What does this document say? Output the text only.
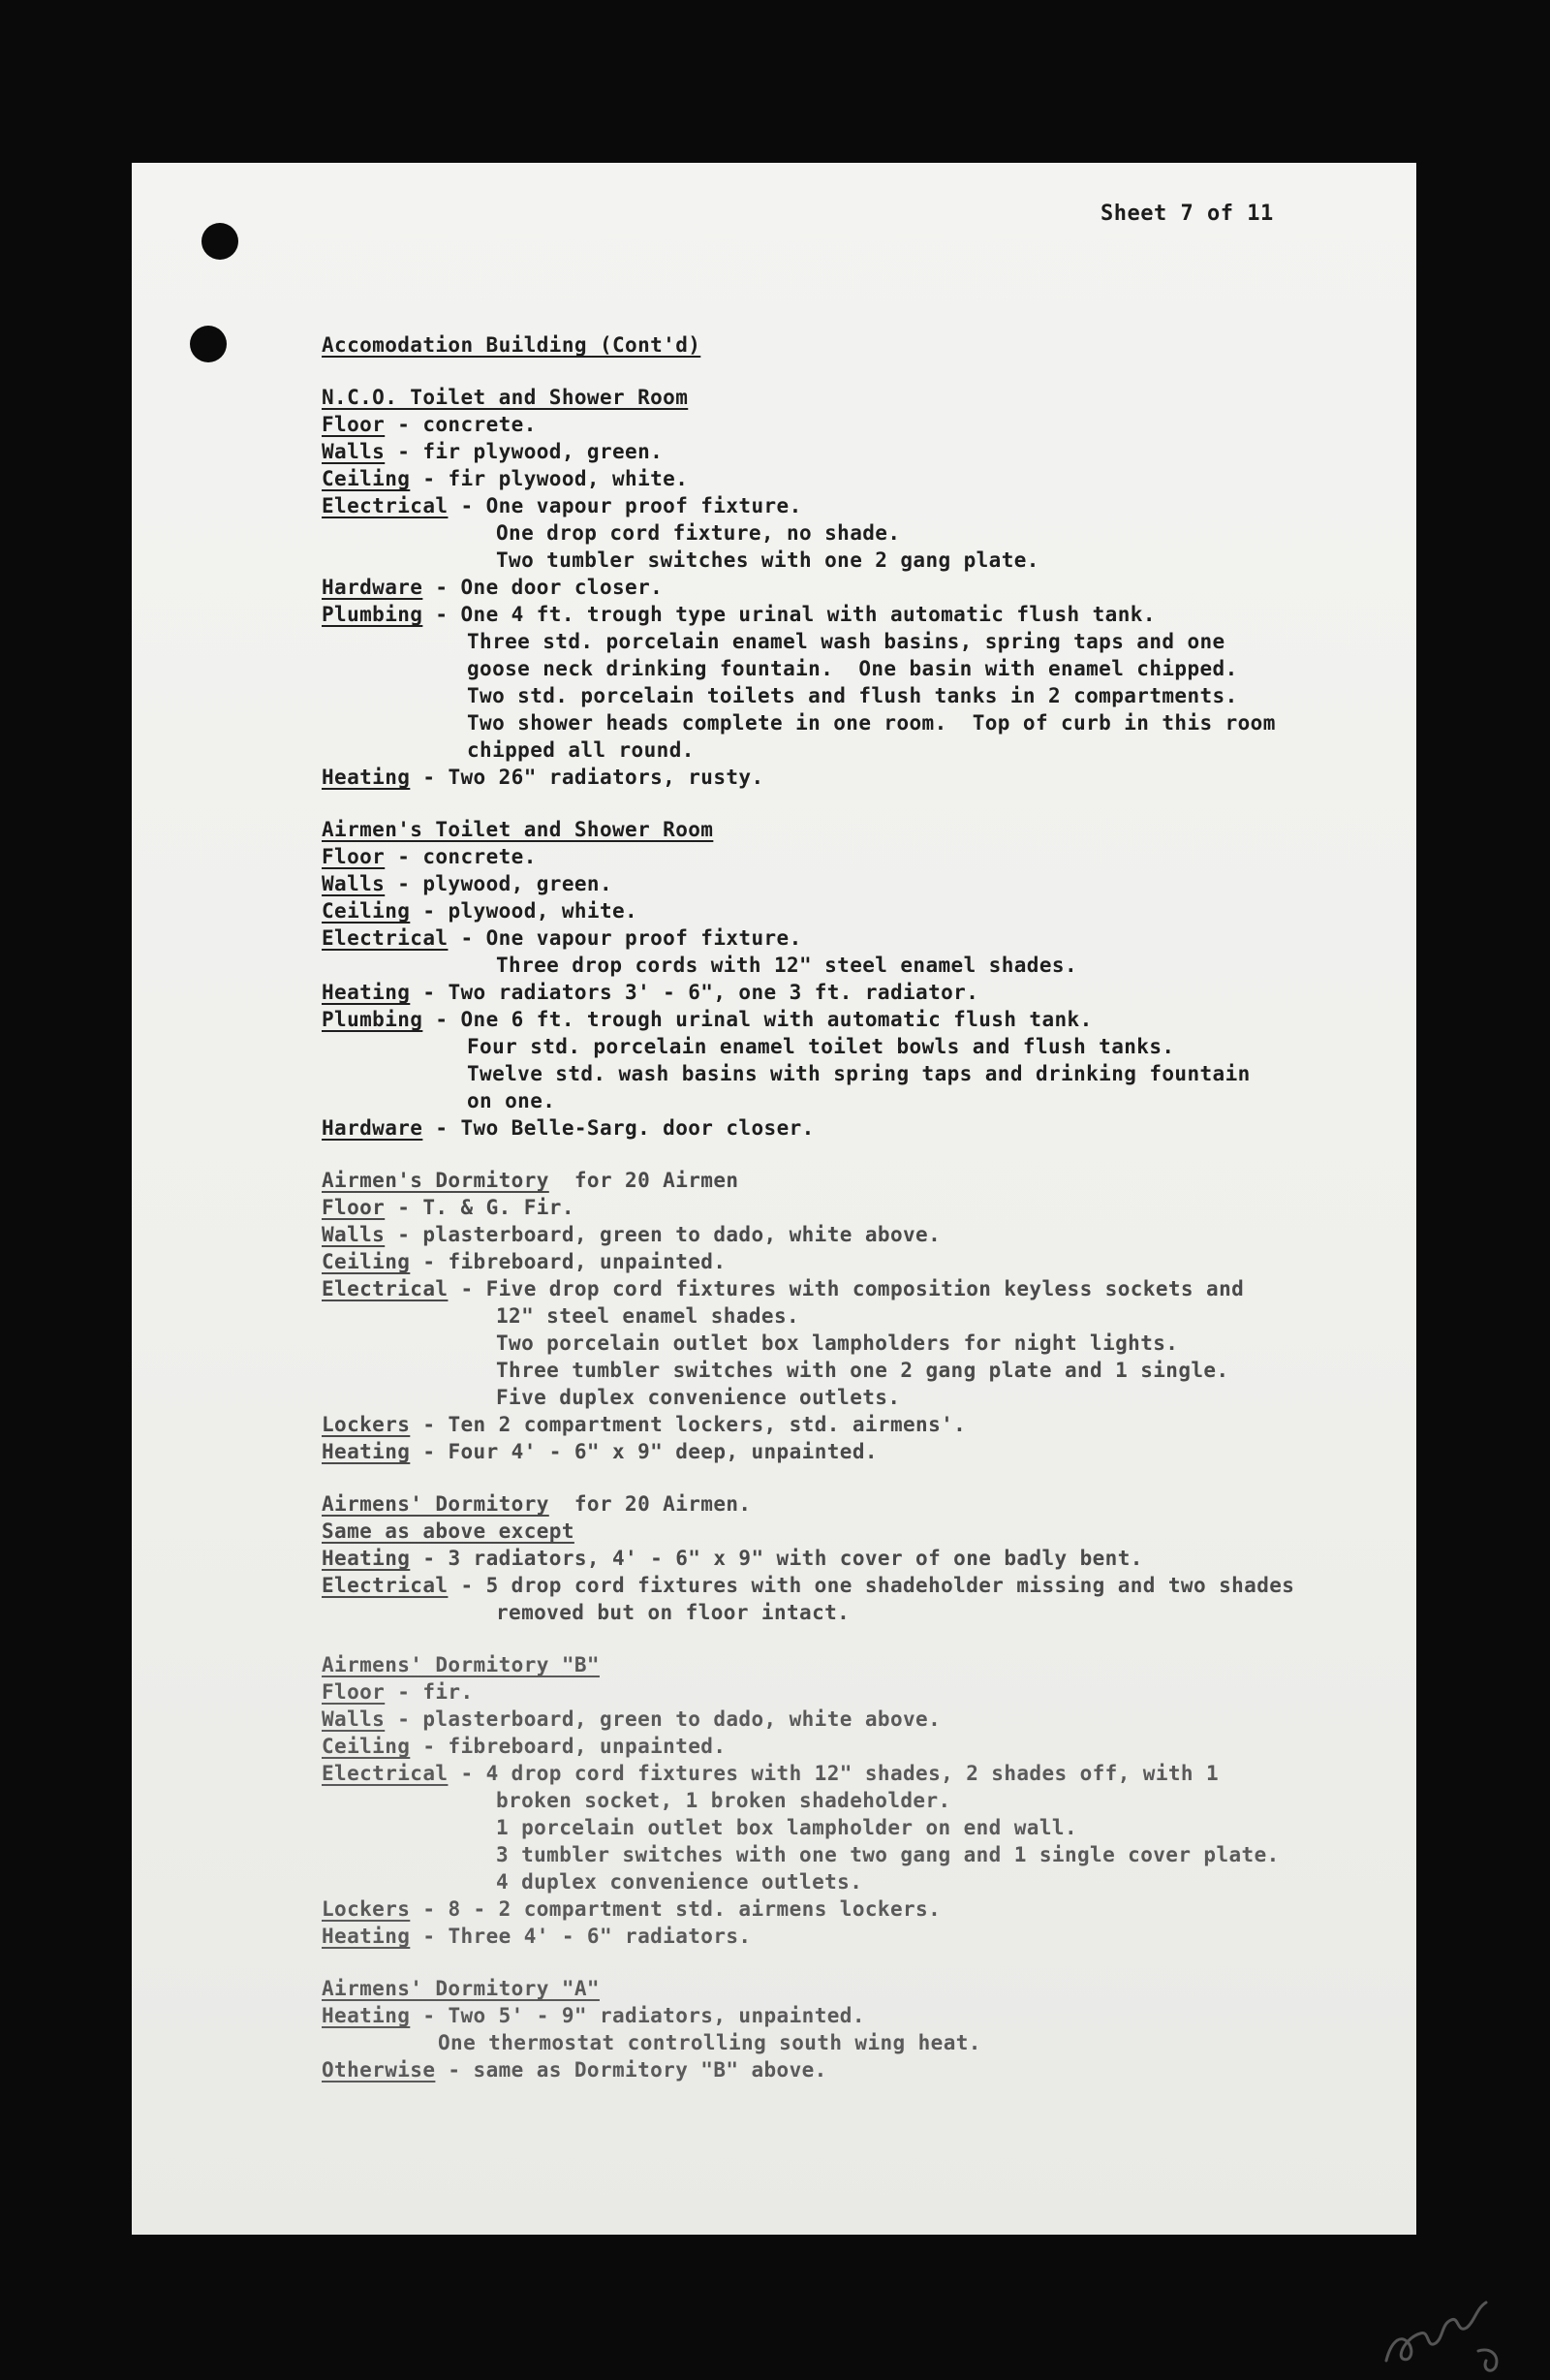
Sheet 7 of 11
Accomodation Building (Cont'd)
N.C.O. Toilet and Shower Room
Floor - concrete.
Walls - fir plywood, green.
Ceiling - fir plywood, white.
Electrical - One vapour proof fixture.
One drop cord fixture, no shade.
Two tumbler switches with one 2 gang plate.
Hardware - One door closer.
Plumbing - One 4 ft. trough type urinal with automatic flush tank.
Three std. porcelain enamel wash basins, spring taps and one
goose neck drinking fountain.  One basin with enamel chipped.
Two std. porcelain toilets and flush tanks in 2 compartments.
Two shower heads complete in one room.  Top of curb in this room
chipped all round.
Heating - Two 26" radiators, rusty.
Airmen's Toilet and Shower Room
Floor - concrete.
Walls - plywood, green.
Ceiling - plywood, white.
Electrical - One vapour proof fixture.
Three drop cords with 12" steel enamel shades.
Heating - Two radiators 3' - 6", one 3 ft. radiator.
Plumbing - One 6 ft. trough urinal with automatic flush tank.
Four std. porcelain enamel toilet bowls and flush tanks.
Twelve std. wash basins with spring taps and drinking fountain
on one.
Hardware - Two Belle-Sarg. door closer.
Airmen's Dormitory  for 20 Airmen
Floor - T. & G. Fir.
Walls - plasterboard, green to dado, white above.
Ceiling - fibreboard, unpainted.
Electrical - Five drop cord fixtures with composition keyless sockets and
12" steel enamel shades.
Two porcelain outlet box lampholders for night lights.
Three tumbler switches with one 2 gang plate and 1 single.
Five duplex convenience outlets.
Lockers - Ten 2 compartment lockers, std. airmens'.
Heating - Four 4' - 6" x 9" deep, unpainted.
Airmens' Dormitory  for 20 Airmen.
Same as above except
Heating - 3 radiators, 4' - 6" x 9" with cover of one badly bent.
Electrical - 5 drop cord fixtures with one shadeholder missing and two shades
removed but on floor intact.
Airmens' Dormitory "B"
Floor - fir.
Walls - plasterboard, green to dado, white above.
Ceiling - fibreboard, unpainted.
Electrical - 4 drop cord fixtures with 12" shades, 2 shades off, with 1
broken socket, 1 broken shadeholder.
1 porcelain outlet box lampholder on end wall.
3 tumbler switches with one two gang and 1 single cover plate.
4 duplex convenience outlets.
Lockers - 8 - 2 compartment std. airmens lockers.
Heating - Three 4' - 6" radiators.
Airmens' Dormitory "A"
Heating - Two 5' - 9" radiators, unpainted.
One thermostat controlling south wing heat.
Otherwise - same as Dormitory "B" above.
